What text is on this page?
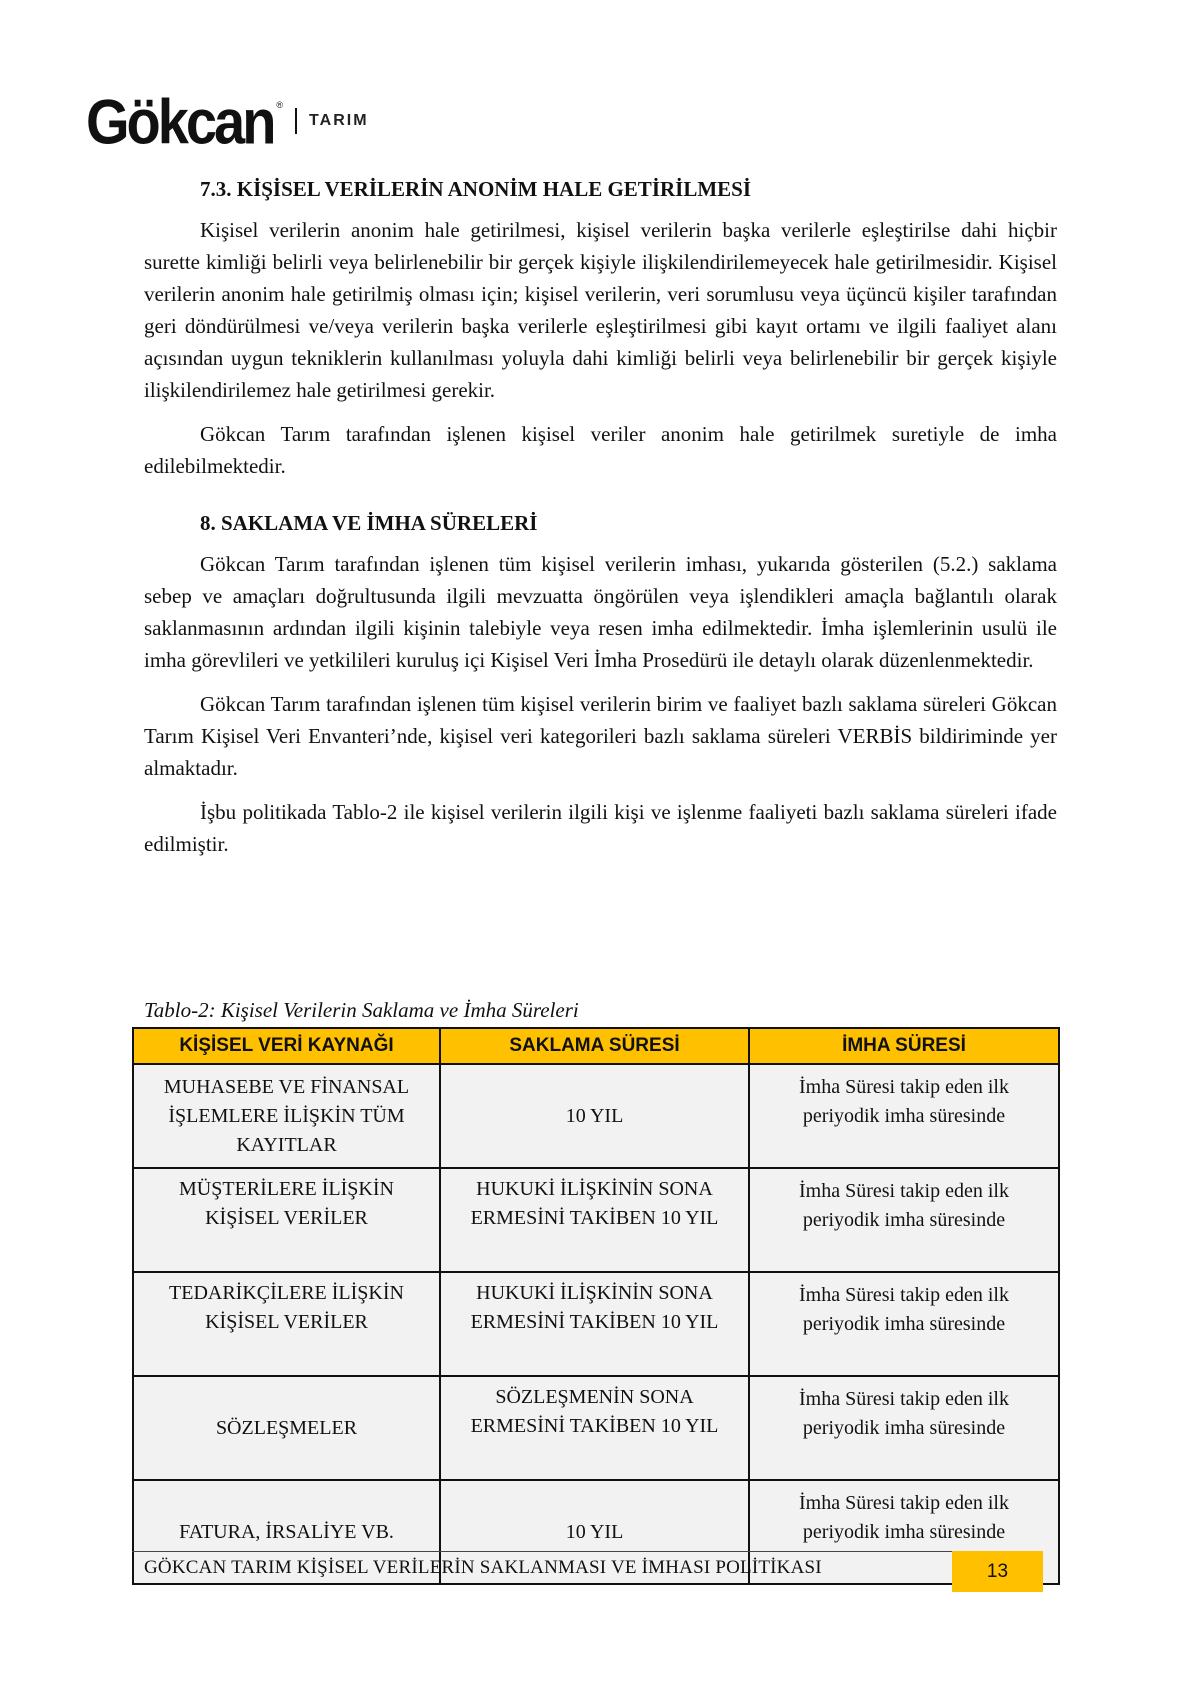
Gökcan ®
TARIM
7.3. KİŞİSEL VERİLERİN ANONİM HALE GETİRİLMESİ

Kişisel verilerin anonim hale getirilmesi, kişisel verilerin başka verilerle eşleştirilse dahi hiçbir surette kimliği belirli veya belirlenebilir bir gerçek kişiyle ilişkilendirilemeyecek hale getirilmesidir. Kişisel verilerin anonim hale getirilmiş olması için; kişisel verilerin, veri sorumlusu veya üçüncü kişiler tarafından geri döndürülmesi ve/veya verilerin başka verilerle eşleştirilmesi gibi kayıt ortamı ve ilgili faaliyet alanı açısından uygun tekniklerin kullanılması yoluyla dahi kimliği belirli veya belirlenebilir bir gerçek kişiyle ilişkilendirilemez hale getirilmesi gerekir.

Gökcan Tarım tarafından işlenen kişisel veriler anonim hale getirilmek suretiyle de imha edilebilmektedir.

8. SAKLAMA VE İMHA SÜRELERİ

Gökcan Tarım tarafından işlenen tüm kişisel verilerin imhası, yukarıda gösterilen (5.2.) saklama sebep ve amaçları doğrultusunda ilgili mevzuatta öngörülen veya işlendikleri amaçla bağlantılı olarak saklanmasının ardından ilgili kişinin talebiyle veya resen imha edilmektedir. İmha işlemlerinin usulü ile imha görevlileri ve yetkilileri kuruluş içi Kişisel Veri İmha Prosedürü ile detaylı olarak düzenlenmektedir.

Gökcan Tarım tarafından işlenen tüm kişisel verilerin birim ve faaliyet bazlı saklama süreleri Gökcan Tarım Kişisel Veri Envanteri’nde, kişisel veri kategorileri bazlı saklama süreleri VERBİS bildiriminde yer almaktadır.

İşbu politikada Tablo-2 ile kişisel verilerin ilgili kişi ve işlenme faaliyeti bazlı saklama süreleri ifade edilmiştir.

Tablo-2: Kişisel Verilerin Saklama ve İmha Süreleri
KİŞİSEL VERİ KAYNAĞI	SAKLAMA SÜRESİ	İMHA SÜRESİ
MUHASEBE VE FİNANSAL İŞLEMLERE İLİŞKİN TÜM KAYITLAR	10 YIL	İmha Süresi takip eden ilk periyodik imha süresinde
MÜŞTERİLERE İLİŞKİN KİŞİSEL VERİLER	HUKUKİ İLİŞKİNİN SONA ERMESİNİ TAKİBEN 10 YIL	İmha Süresi takip eden ilk periyodik imha süresinde
TEDARİKÇİLERE İLİŞKİN KİŞİSEL VERİLER	HUKUKİ İLİŞKİNİN SONA ERMESİNİ TAKİBEN 10 YIL	İmha Süresi takip eden ilk periyodik imha süresinde
SÖZLEŞMELER	SÖZLEŞMENİN SONA ERMESİNİ TAKİBEN 10 YIL	İmha Süresi takip eden ilk periyodik imha süresinde
FATURA, İRSALİYE VB.	10 YIL	İmha Süresi takip eden ilk periyodik imha süresinde
GÖKCAN TARIM KİŞİSEL VERİLERİN SAKLANMASI VE İMHASI POLİTİKASI	13
